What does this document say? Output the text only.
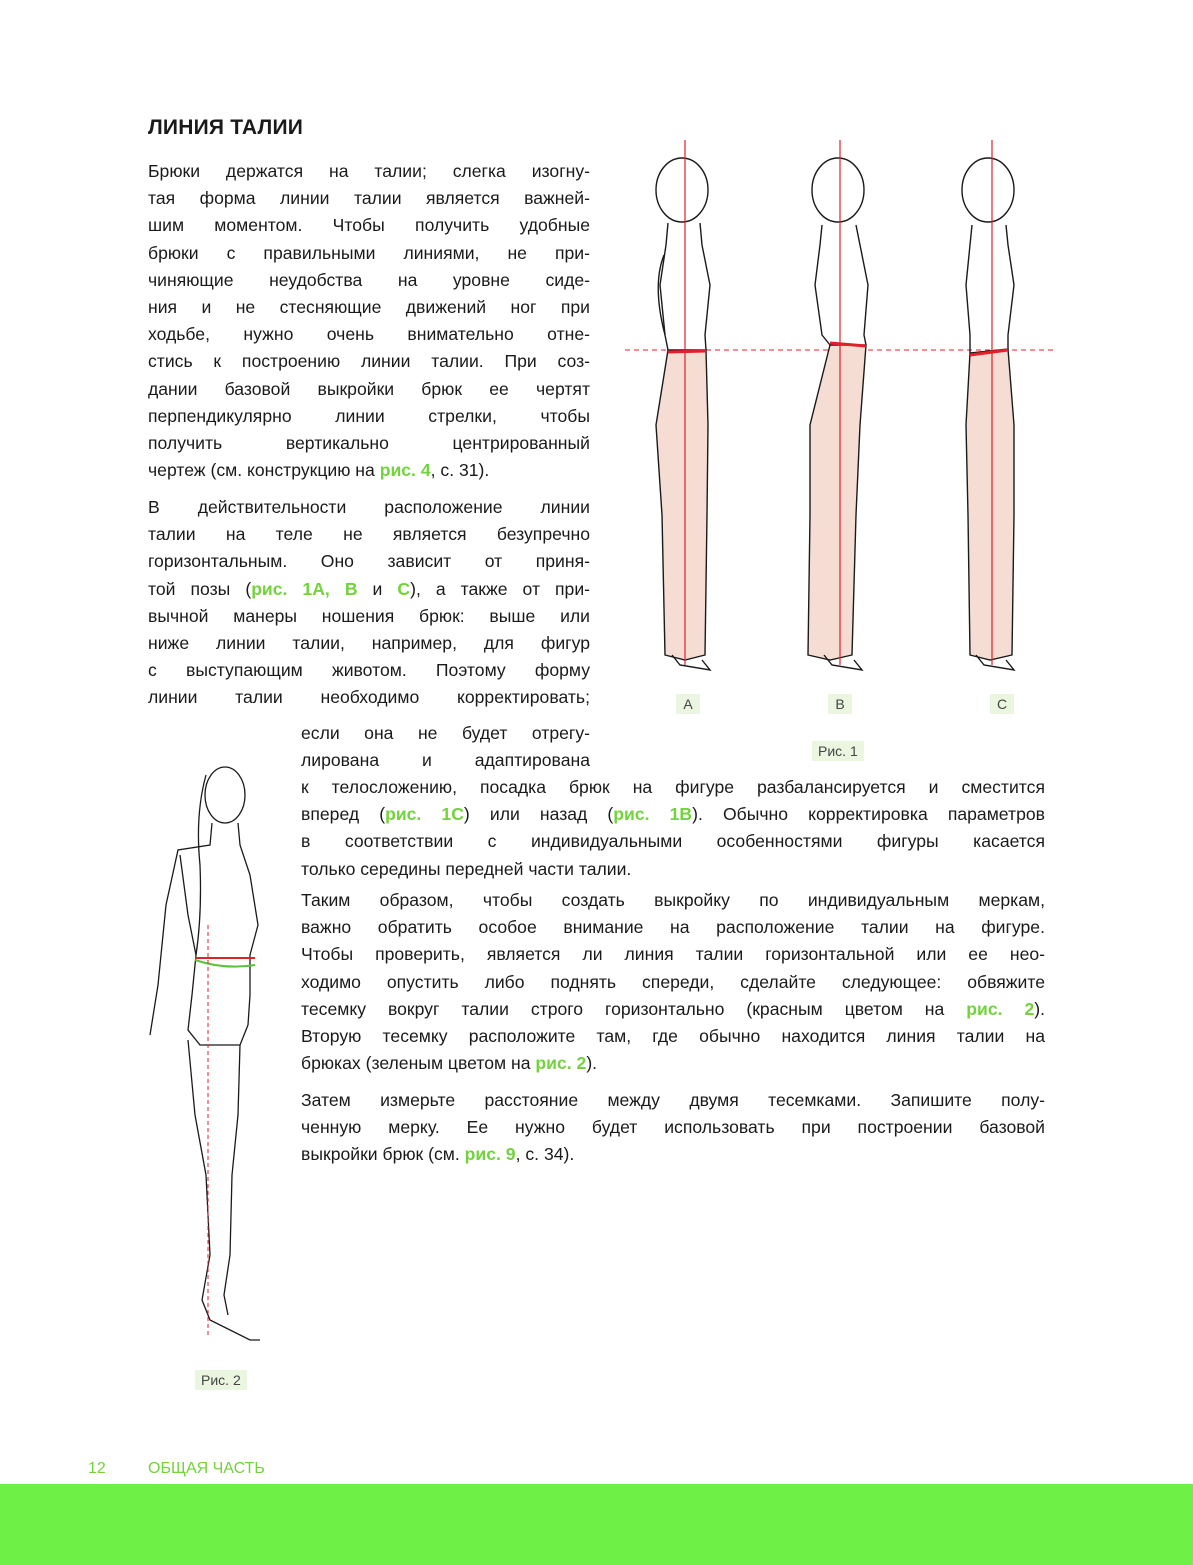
ЛИНИЯ ТАЛИИ
Брюки держатся на талии; слегка изогну-
тая форма линии талии является важней-
шим моментом. Чтобы получить удобные
брюки с правильными линиями, не при-
чиняющие неудобства на уровне сиде-
ния и не стесняющие движений ног при
ходьбе, нужно очень внимательно отне-
стись к построению линии талии. При соз-
дании базовой выкройки брюк ее чертят
перпендикулярно линии стрелки, чтобы
получить вертикально центрированный
чертеж (см. конструкцию на рис. 4, с. 31).
В действительности расположение линии
талии на теле не является безупречно
горизонтальным. Оно зависит от приня-
той позы (рис. 1A, B и C), а также от при-
вычной манеры ношения брюк: выше или
ниже линии талии, например, для фигур
с выступающим животом. Поэтому форму
линии талии необходимо корректировать;
если она не будет отрегу-
лирована и адаптирована
к телосложению, посадка брюк на фигуре разбалансируется и сместится
вперед (рис. 1C) или назад (рис. 1B). Обычно корректировка параметров
в соответствии с индивидуальными особенностями фигуры касается
только середины передней части талии.
Таким образом, чтобы создать выкройку по индивидуальным меркам,
важно обратить особое внимание на расположение талии на фигуре.
Чтобы проверить, является ли линия талии горизонтальной или ее нео-
ходимо опустить либо поднять спереди, сделайте следующее: обвяжите
тесемку вокруг талии строго горизонтально (красным цветом на рис. 2).
Вторую тесемку расположите там, где обычно находится линия талии на
брюках (зеленым цветом на рис. 2).
Затем измерьте расстояние между двумя тесемками. Запишите полу-
ченную мерку. Ее нужно будет использовать при построении базовой
выкройки брюк (см. рис. 9, с. 34).
A	B	C
Рис. 1
Рис. 2
12	ОБЩАЯ ЧАСТЬ
